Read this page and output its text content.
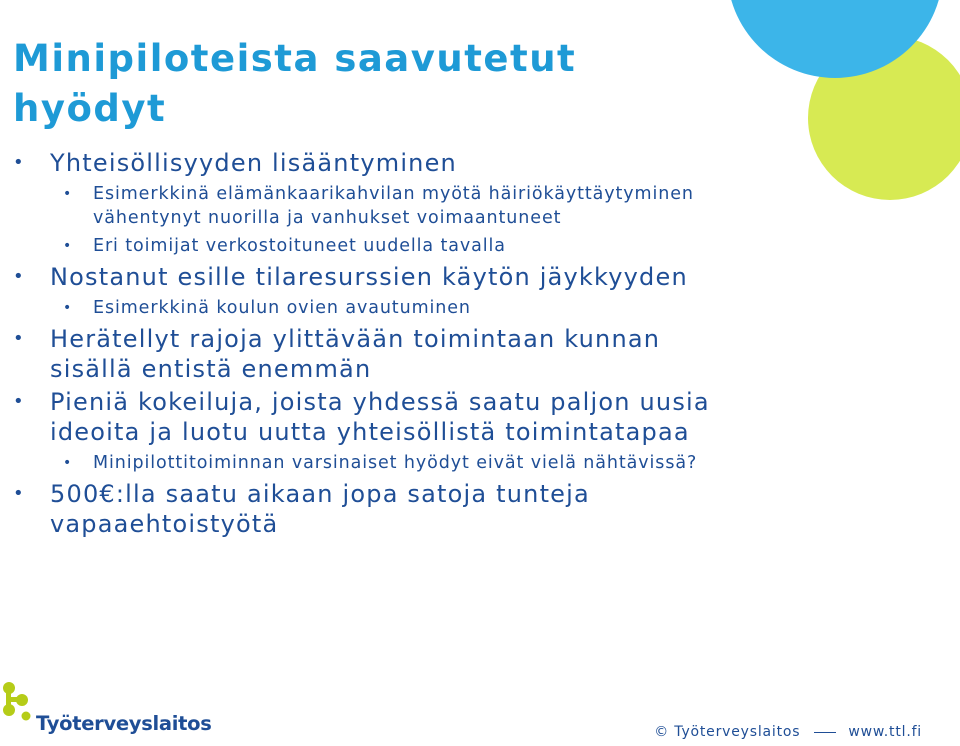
Minipiloteista saavutetut hyödyt
• Yhteisöllisyyden lisääntyminen
• Esimerkkinä elämänkaarikahvilan myötä häiriökäyttäytyminen vähentynyt nuorilla ja vanhukset voimaantuneet
• Eri toimijat verkostoituneet uudella tavalla
• Nostanut esille tilaresurssien käytön jäykkyyden
• Esimerkkinä koulun ovien avautuminen
• Herätellyt rajoja ylittävään toimintaan kunnan sisällä entistä enemmän
• Pieniä kokeiluja, joista yhdessä saatu paljon uusia ideoita ja luotu uutta yhteisöllistä toimintatapaa
• Minipilottitoiminnan varsinaiset hyödyt eivät vielä nähtävissä?
• 500€:lla saatu aikaan jopa satoja tunteja vapaaehtoistyötä
Työterveyslaitos	© Työterveyslaitos	www.ttl.fi
